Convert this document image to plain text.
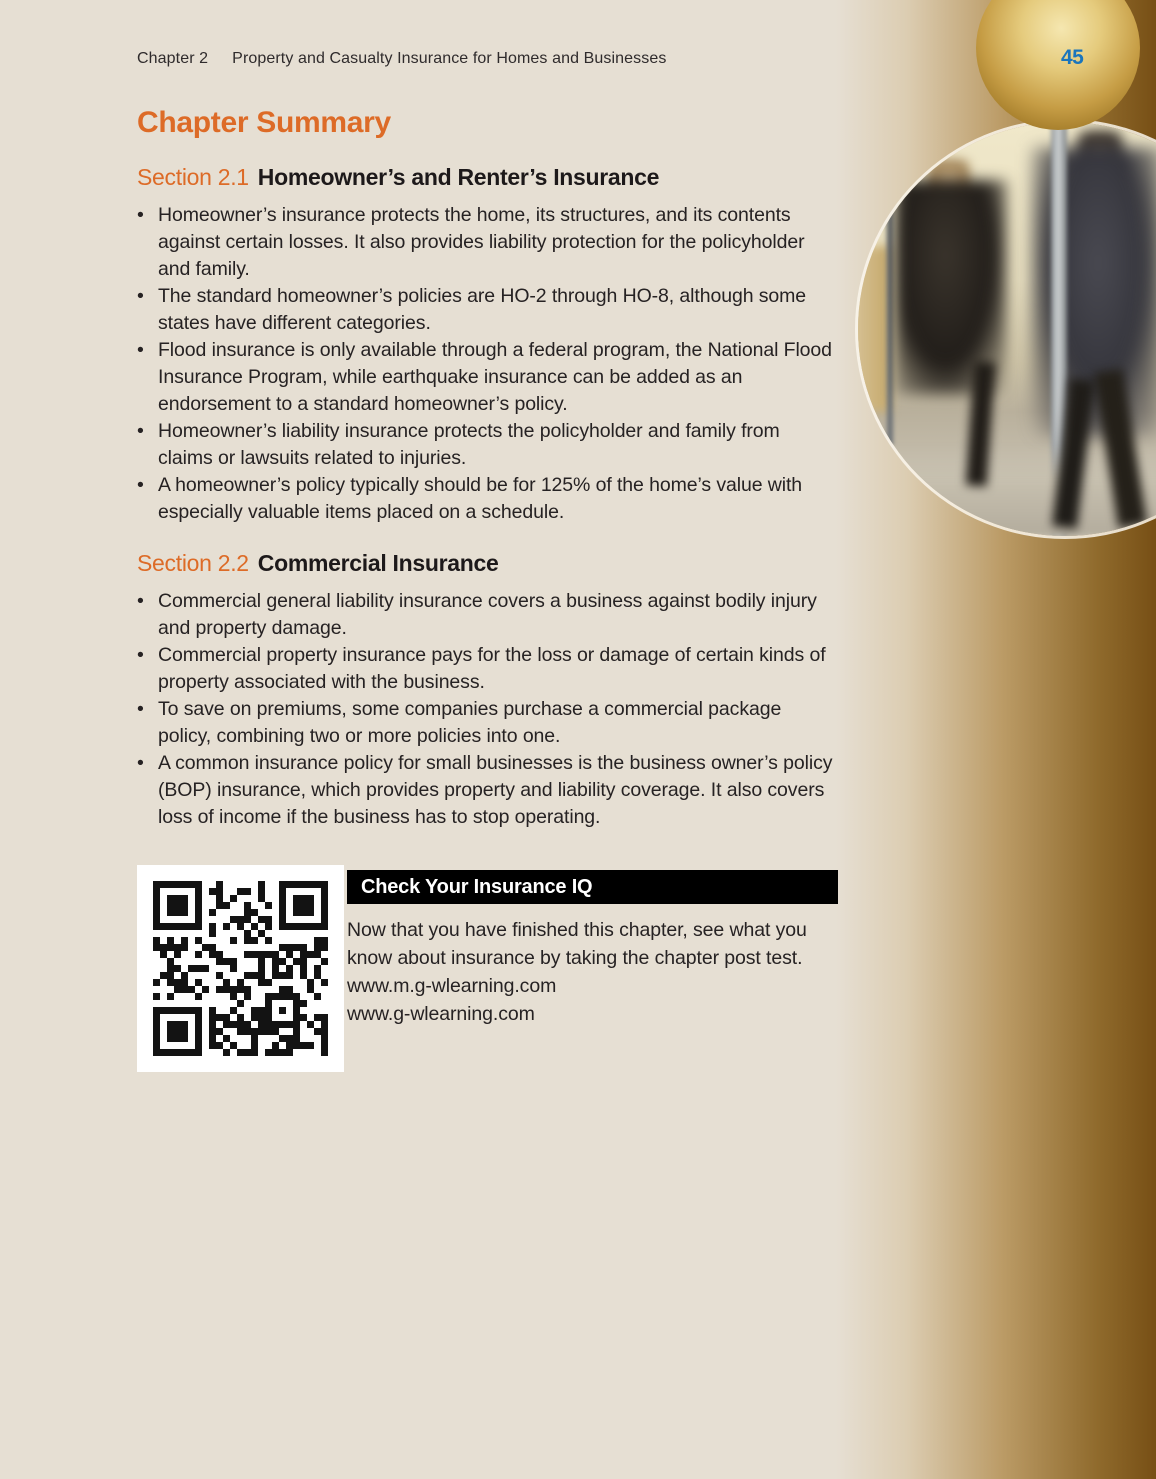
45
Chapter 2 Property and Casualty Insurance for Homes and Businesses
Chapter Summary
Section 2.1 Homeowner’s and Renter’s Insurance
• Homeowner’s insurance protects the home, its structures, and its contents against certain losses. It also provides liability protection for the policyholder and family.
• The standard homeowner’s policies are HO-2 through HO-8, although some states have different categories.
• Flood insurance is only available through a federal program, the National Flood Insurance Program, while earthquake insurance can be added as an endorsement to a standard homeowner’s policy.
• Homeowner’s liability insurance protects the policyholder and family from claims or lawsuits related to injuries.
• A homeowner’s policy typically should be for 125% of the home’s value with especially valuable items placed on a schedule.
Section 2.2 Commercial Insurance
• Commercial general liability insurance covers a business against bodily injury and property damage.
• Commercial property insurance pays for the loss or damage of certain kinds of property associated with the business.
• To save on premiums, some companies purchase a commercial package policy, combining two or more policies into one.
• A common insurance policy for small businesses is the business owner’s policy (BOP) insurance, which provides property and liability coverage. It also covers loss of income if the business has to stop operating.
Check Your Insurance IQ

Now that you have finished this chapter, see what you know about insurance by taking the chapter post test.

www.m.g-wlearning.com
www.g-wlearning.com
